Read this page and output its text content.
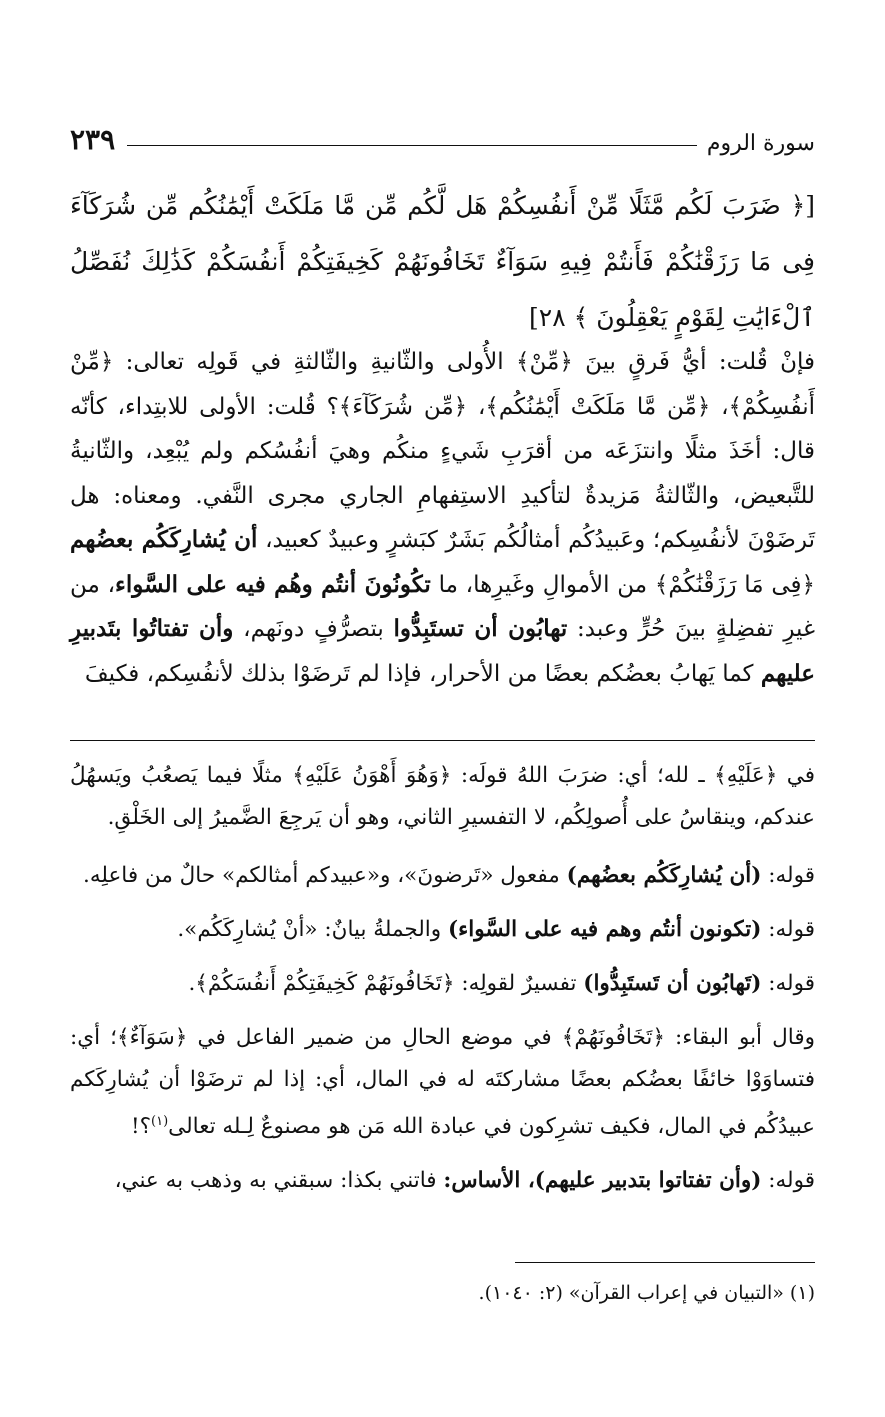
سورة الروم
٢٣٩
[﴿ ضَرَبَ لَكُم مَّثَلًا مِّنْ أَنفُسِكُمْ هَل لَّكُم مِّن مَّا مَلَكَتْ أَيْمَٰنُكُم مِّن شُرَكَآءَ فِى مَا رَزَقْنَٰكُمْ فَأَنتُمْ فِيهِ سَوَآءٌ تَخَافُونَهُمْ كَخِيفَتِكُمْ أَنفُسَكُمْ كَذَٰلِكَ نُفَصِّلُ ٱلْءَايَٰتِ لِقَوْمٍ يَعْقِلُونَ ﴾ ٢٨]
فإنْ قُلت: أيُّ فَرقٍ بينَ ﴿مِّنْ﴾ الأُولى والثّانيةِ والثّالثةِ في قَولِه تعالى: ﴿مِّنْ أَنفُسِكُمْ﴾، ﴿مِّن مَّا مَلَكَتْ أَيْمَٰنُكُم﴾، ﴿مِّن شُرَكَآءَ﴾؟ قُلت: الأولى للابتِداء، كأنّه قال: أخَذَ مثلًا وانتزَعَه من أقرَبِ شَيءٍ منكُم وهيَ أنفُسُكم ولم يُبْعِد، والثّانيةُ للتَّبعيض، والثّالثةُ مَزيدةٌ لتأكيدِ الاستِفهامِ الجاري مجرى النَّفي. ومعناه: هل تَرضَوْنَ لأنفُسِكم؛ وعَبيدُكُم أمثالُكُم بَشَرٌ كبَشرٍ وعبيدٌ كعبيد، أن يُشارِكَكُم بعضُهم ﴿فِى مَا رَزَقْنَٰكُمْ﴾ من الأموالِ وغَيرِها، ما تكُونُونَ أنتُم وهُم فيه على السَّواء، من غيرِ تفضِلةٍ بينَ حُرٍّ وعبد: تهابُون أن تستَبِدُّوا بتصرُّفٍ دونَهم، وأن تفتاتُوا بتَدبيرِ عليهم كما يَهابُ بعضُكم بعضًا من الأحرار، فإذا لم تَرضَوْا بذلك لأنفُسِكم، فكيفَ

في ﴿عَلَيْهِ﴾ ـ لله؛ أي: ضرَبَ اللهُ قولَه: ﴿وَهُوَ أَهْوَنُ عَلَيْهِ﴾ مثلًا فيما يَصعُبُ ويَسهُلُ عندكم، وينقاسُ على أُصولِكُم، لا التفسيرِ الثاني، وهو أن يَرجِعَ الضَّميرُ إلى الخَلْقِ.

قوله: (أن يُشارِكَكُم بعضُهم) مفعول «تَرضونَ»، و«عبيدكم أمثالكم» حالٌ من فاعلِه.

قوله: (تكونون أنتُم وهم فيه على السَّواء) والجملةُ بيانٌ: «أنْ يُشارِكَكُم».

قوله: (تَهابُون أن تَستَبِدُّوا) تفسيرٌ لقولِه: ﴿تَخَافُونَهُمْ كَخِيفَتِكُمْ أَنفُسَكُمْ﴾.

وقال أبو البقاء: ﴿تَخَافُونَهُمْ﴾ في موضع الحالِ من ضمير الفاعل في ﴿سَوَآءٌ﴾؛ أي: فتساوَوْا خائفًا بعضُكم بعضًا مشاركتَه له في المال، أي: إذا لم ترضَوْا أن يُشارِكَكم عبيدُكُم في المال، فكيف تشرِكون في عبادة الله مَن هو مصنوعٌ لِـله تعالى$^{(١)}$؟!

قوله: (وأن تفتاتوا بتدبير عليهم)، الأساس: فاتني بكذا: سبقني به وذهب به عني،

(١) «التبيان في إعراب القرآن» (٢: ١٠٤٠).
